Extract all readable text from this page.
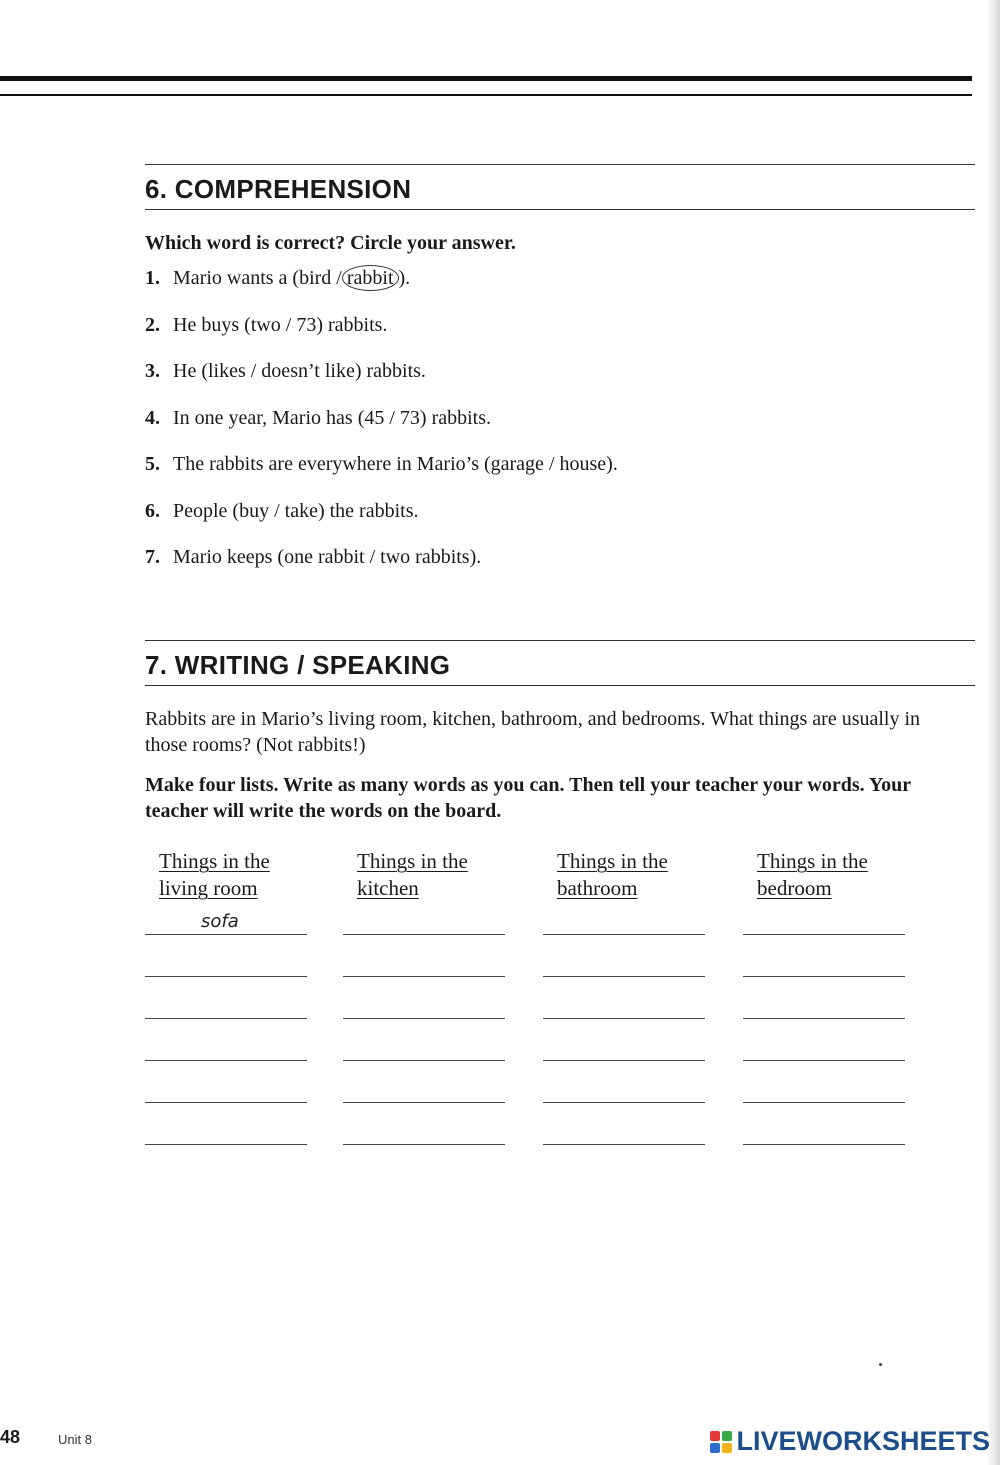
6. COMPREHENSION
Which word is correct? Circle your answer.
1. Mario wants a (bird / rabbit ).
2. He buys (two / 73) rabbits.
3. He (likes / doesn’t like) rabbits.
4. In one year, Mario has (45 / 73) rabbits.
5. The rabbits are everywhere in Mario’s (garage / house).
6. People (buy / take) the rabbits.
7. Mario keeps (one rabbit / two rabbits).
7. WRITING / SPEAKING
Rabbits are in Mario’s living room, kitchen, bathroom, and bedrooms. What things are usually in those rooms? (Not rabbits!)
Make four lists. Write as many words as you can. Then tell your teacher your words. Your teacher will write the words on the board.
Things in the
living room
sofa
Things in the
kitchen
Things in the
bathroom
Things in the
bedroom
48	Unit 8	LIVEWORKSHEETS
